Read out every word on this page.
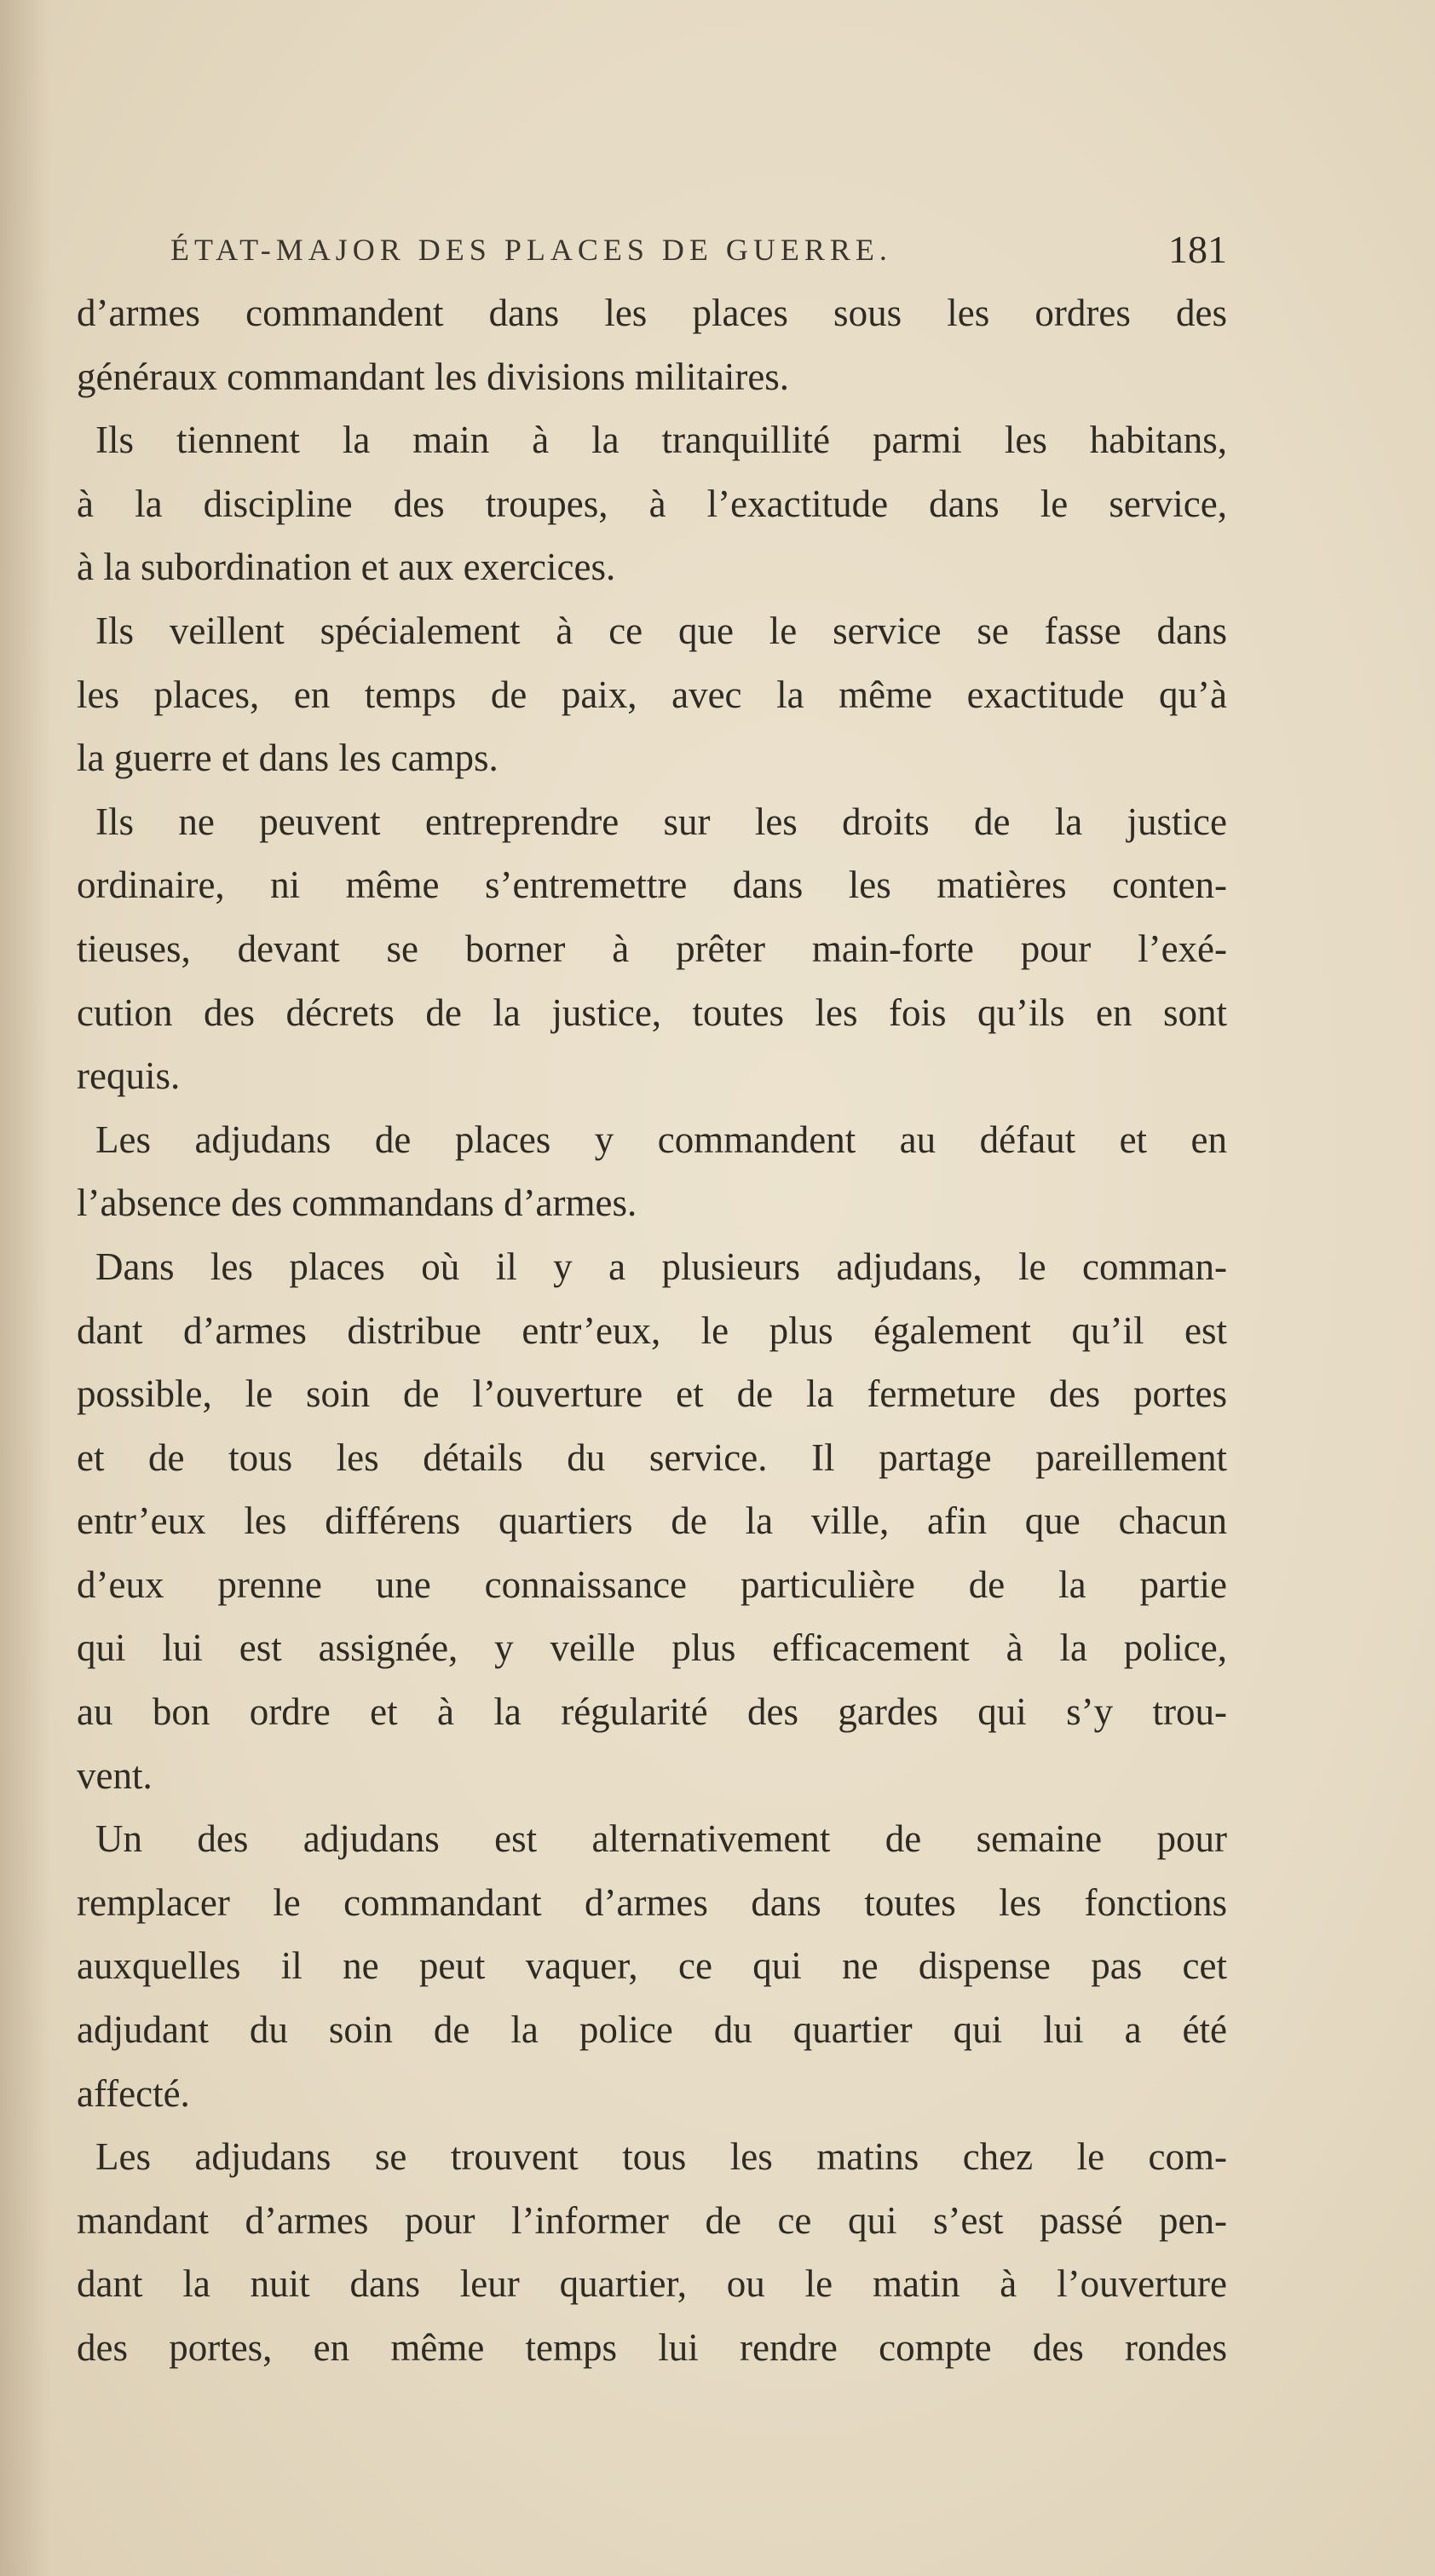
ÉTAT-MAJOR DES PLACES DE GUERRE.	181
d’armes commandent dans les places sous les ordres des
généraux commandant les divisions militaires.
Ils tiennent la main à la tranquillité parmi les habitans,
à la discipline des troupes, à l’exactitude dans le service,
à la subordination et aux exercices.
Ils veillent spécialement à ce que le service se fasse dans
les places, en temps de paix, avec la même exactitude qu’à
la guerre et dans les camps.
Ils ne peuvent entreprendre sur les droits de la justice
ordinaire, ni même s’entremettre dans les matières conten-
tieuses, devant se borner à prêter main-forte pour l’exé-
cution des décrets de la justice, toutes les fois qu’ils en sont
requis.
Les adjudans de places y commandent au défaut et en
l’absence des commandans d’armes.
Dans les places où il y a plusieurs adjudans, le comman-
dant d’armes distribue entr’eux, le plus également qu’il est
possible, le soin de l’ouverture et de la fermeture des portes
et de tous les détails du service. Il partage pareillement
entr’eux les différens quartiers de la ville, afin que chacun
d’eux prenne une connaissance particulière de la partie
qui lui est assignée, y veille plus efficacement à la police,
au bon ordre et à la régularité des gardes qui s’y trou-
vent.
Un des adjudans est alternativement de semaine pour
remplacer le commandant d’armes dans toutes les fonctions
auxquelles il ne peut vaquer, ce qui ne dispense pas cet
adjudant du soin de la police du quartier qui lui a été
affecté.
Les adjudans se trouvent tous les matins chez le com-
mandant d’armes pour l’informer de ce qui s’est passé pen-
dant la nuit dans leur quartier, ou le matin à l’ouverture
des portes, en même temps lui rendre compte des rondes
